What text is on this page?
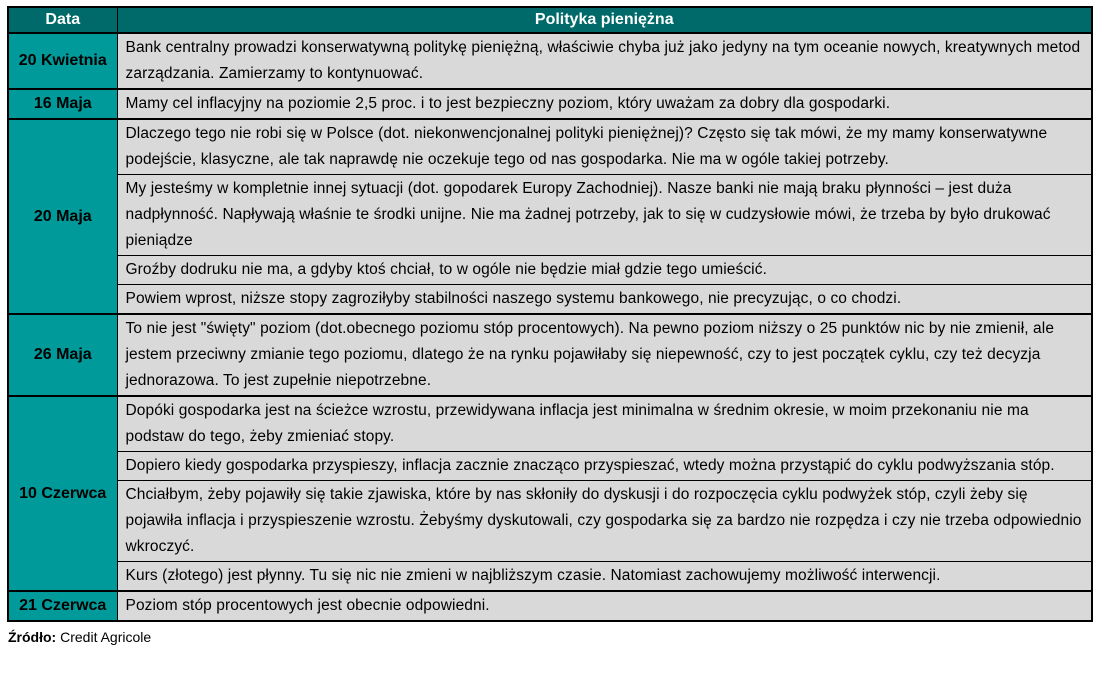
Data	Polityka pieniężna
20 Kwietnia	Bank centralny prowadzi konserwatywną politykę pieniężną, właściwie chyba już jako jedyny na tym oceanie nowych, kreatywnych metod zarządzania. Zamierzamy to kontynuować.
16 Maja	Mamy cel inflacyjny na poziomie 2,5 proc. i to jest bezpieczny poziom, który uważam za dobry dla gospodarki.
20 Maja	Dlaczego tego nie robi się w Polsce (dot. niekonwencjonalnej polityki pieniężnej)? Często się tak mówi, że my mamy konserwatywne podejście, klasyczne, ale tak naprawdę nie oczekuje tego od nas gospodarka. Nie ma w ogóle takiej potrzeby.
	My jesteśmy w kompletnie innej sytuacji (dot. gopodarek Europy Zachodniej). Nasze banki nie mają braku płynności – jest duża nadpłynność. Napływają właśnie te środki unijne. Nie ma żadnej potrzeby, jak to się w cudzysłowie mówi, że trzeba by było drukować pieniądze
	Groźby dodruku nie ma, a gdyby ktoś chciał, to w ogóle nie będzie miał gdzie tego umieścić.
	Powiem wprost, niższe stopy zagroziłyby stabilności naszego systemu bankowego, nie precyzując, o co chodzi.
26 Maja	To nie jest "święty" poziom (dot.obecnego poziomu stóp procentowych). Na pewno poziom niższy o 25 punktów nic by nie zmienił, ale jestem przeciwny zmianie tego poziomu, dlatego że na rynku pojawiłaby się niepewność, czy to jest początek cyklu, czy też decyzja jednorazowa. To jest zupełnie niepotrzebne.
10 Czerwca	Dopóki gospodarka jest na ścieżce wzrostu, przewidywana inflacja jest minimalna w średnim okresie, w moim przekonaniu nie ma podstaw do tego, żeby zmieniać stopy.
	Dopiero kiedy gospodarka przyspieszy, inflacja zacznie znacząco przyspieszać, wtedy można przystąpić do cyklu podwyższania stóp.
	Chciałbym, żeby pojawiły się takie zjawiska, które by nas skłoniły do dyskusji i do rozpoczęcia cyklu podwyżek stóp, czyli żeby się pojawiła inflacja i przyspieszenie wzrostu. Żebyśmy dyskutowali, czy gospodarka się za bardzo nie rozpędza i czy nie trzeba odpowiednio wkroczyć.
	Kurs (złotego) jest płynny. Tu się nic nie zmieni w najbliższym czasie. Natomiast zachowujemy możliwość interwencji.
21 Czerwca	Poziom stóp procentowych jest obecnie odpowiedni.
Źródło: Credit Agricole
